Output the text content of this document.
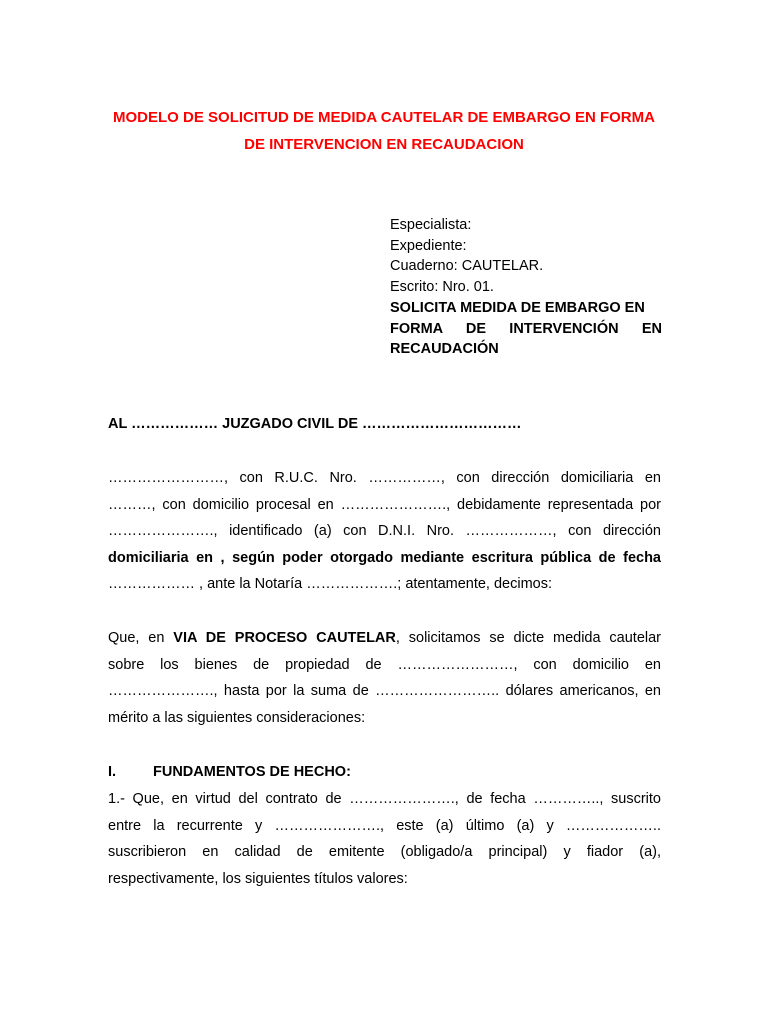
MODELO DE SOLICITUD DE MEDIDA CAUTELAR DE EMBARGO EN FORMA
DE INTERVENCION EN RECAUDACION
Especialista:
Expediente:
Cuaderno: CAUTELAR.
Escrito: Nro. 01.
SOLICITA MEDIDA DE EMBARGO EN
FORMA DE INTERVENCIÓN EN
RECAUDACIÓN
AL ……………… JUZGADO CIVIL DE ……………………………
……………………, con R.U.C. Nro. ……………, con dirección domiciliaria en
………, con domicilio procesal en …………………., debidamente representada por
…………………., identificado (a) con D.N.I. Nro. ………………, con dirección
domiciliaria en , según poder otorgado mediante escritura pública de fecha
……………… , ante la Notaría ……………….; atentamente, decimos:
Que, en VIA DE PROCESO CAUTELAR, solicitamos se dicte medida cautelar
sobre los bienes de propiedad de ……………………, con domicilio en
…………………., hasta por la suma de …………………….. dólares americanos, en
mérito a las siguientes consideraciones:
I.	FUNDAMENTOS DE HECHO:
1.- Que, en virtud del contrato de …………………., de fecha ………….., suscrito
entre la recurrente y …………………., este (a) último (a) y ………………..
suscribieron en calidad de emitente (obligado/a principal) y fiador (a),
respectivamente, los siguientes títulos valores:
